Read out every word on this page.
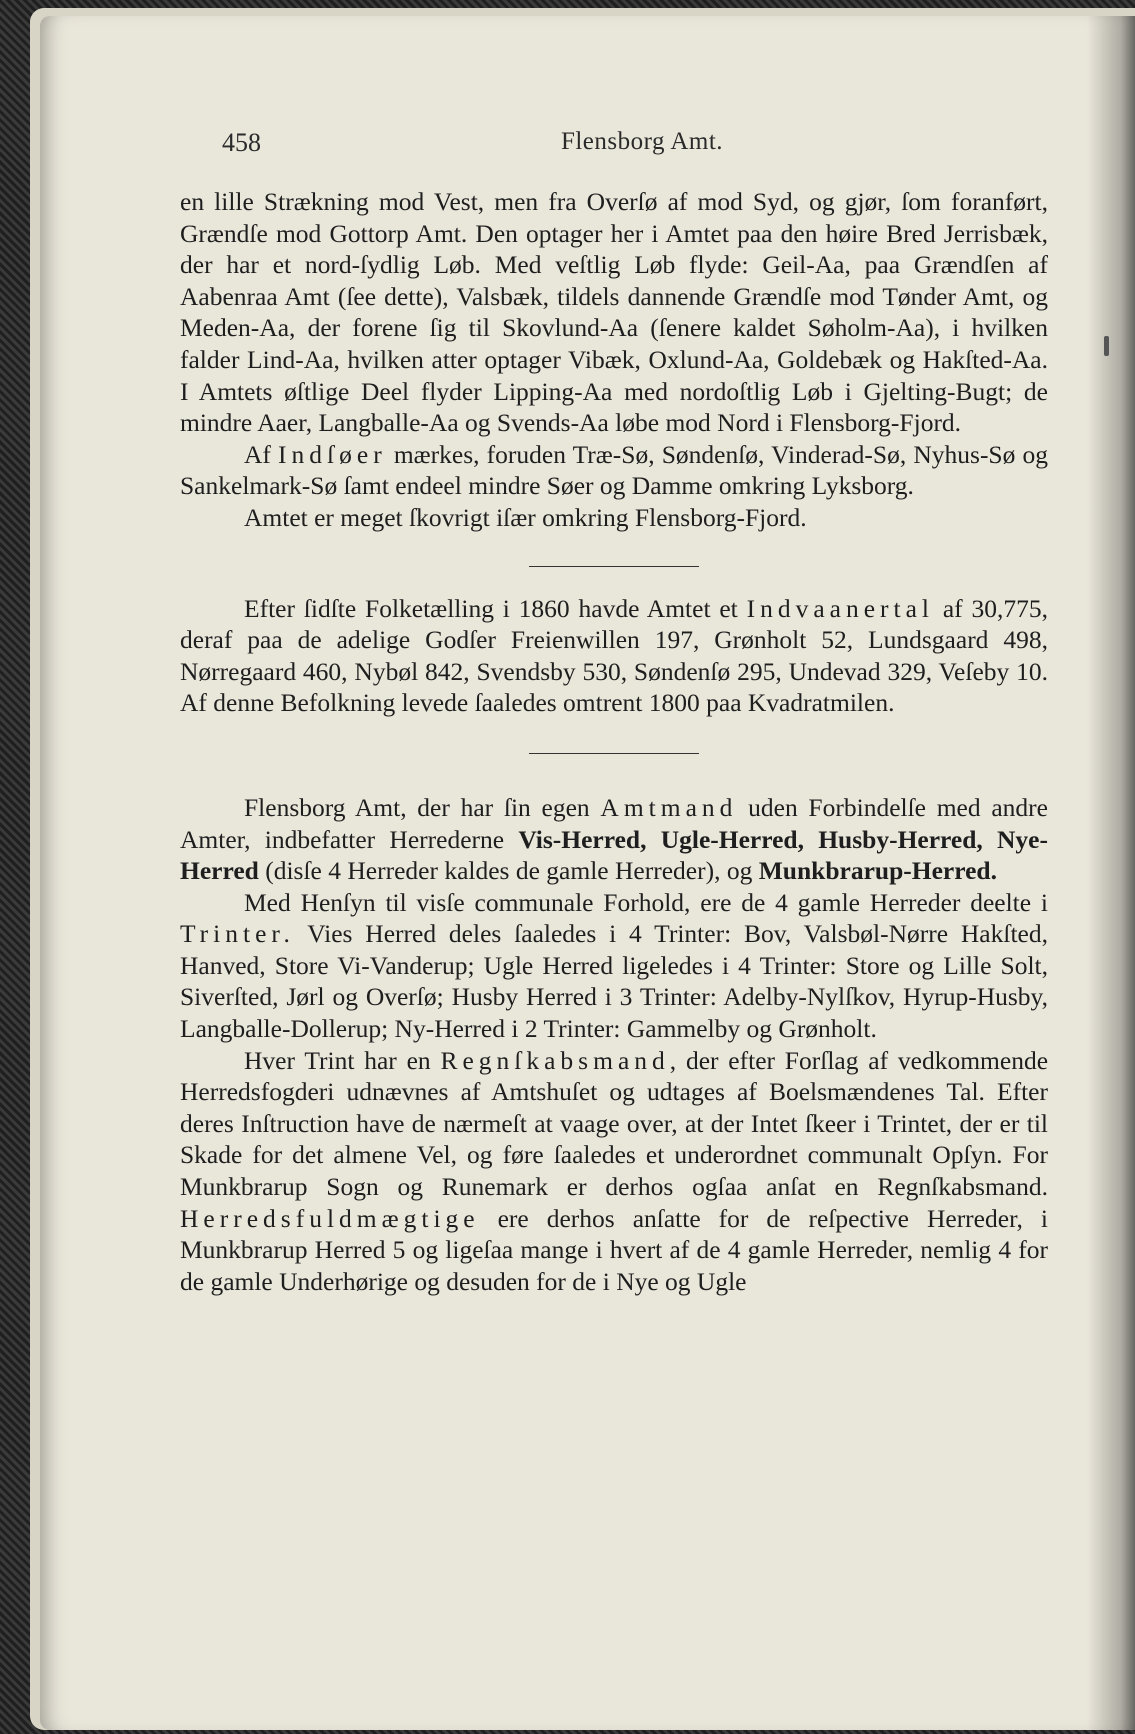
458	Flensborg Amt.

en lille Strækning mod Vest, men fra Overſø af mod Syd, og gjør, ſom foranført, Grændſe mod Gottorp Amt. Den optager her i Amtet paa den høire Bred Jerrisbæk, der har et nord-ſydlig Løb. Med veſtlig Løb flyde: Geil-Aa, paa Grændſen af Aabenraa Amt (ſee dette), Valsbæk, tildels dannende Grændſe mod Tønder Amt, og Meden-Aa, der forene ſig til Skovlund-Aa (ſenere kaldet Søholm-Aa), i hvilken falder Lind-Aa, hvilken atter optager Vibæk, Oxlund-Aa, Goldebæk og Hakſted-Aa. I Amtets øſtlige Deel flyder Lipping-Aa med nordoſtlig Løb i Gjelting-Bugt; de mindre Aaer, Langballe-Aa og Svends-Aa løbe mod Nord i Flensborg-Fjord.

Af Indſøer mærkes, foruden Træ-Sø, Søndenſø, Vinderad-Sø, Nyhus-Sø og Sankelmark-Sø ſamt endeel mindre Søer og Damme omkring Lyksborg.

Amtet er meget ſkovrigt iſær omkring Flensborg-Fjord.

Efter ſidſte Folketælling i 1860 havde Amtet et Indvaanertal af 30,775, deraf paa de adelige Godſer Freienwillen 197, Grønholt 52, Lundsgaard 498, Nørregaard 460, Nybøl 842, Svendsby 530, Søndenſø 295, Undevad 329, Veſeby 10. Af denne Befolkning levede ſaaledes omtrent 1800 paa Kvadratmilen.

Flensborg Amt, der har ſin egen Amtmand uden Forbindelſe med andre Amter, indbefatter Herrederne Vis-Herred, Ugle-Herred, Husby-Herred, Nye-Herred (disſe 4 Herreder kaldes de gamle Herreder), og Munkbrarup-Herred.

Med Henſyn til visſe communale Forhold, ere de 4 gamle Herreder deelte i Trinter. Vies Herred deles ſaaledes i 4 Trinter: Bov, Valsbøl-Nørre Hakſted, Hanved, Store Vi-Vanderup; Ugle Herred ligeledes i 4 Trinter: Store og Lille Solt, Siverſted, Jørl og Overſø; Husby Herred i 3 Trinter: Adelby-Nylſkov, Hyrup-Husby, Langballe-Dollerup; Ny-Herred i 2 Trinter: Gammelby og Grønholt.

Hver Trint har en Regnſkabsmand, der efter Forſlag af vedkommende Herredsfogderi udnævnes af Amtshuſet og udtages af Boelsmændenes Tal. Efter deres Inſtruction have de nærmeſt at vaage over, at der Intet ſkeer i Trintet, der er til Skade for det almene Vel, og føre ſaaledes et underordnet communalt Opſyn. For Munkbrarup Sogn og Runemark er derhos ogſaa anſat en Regnſkabsmand. Herredsfuldmægtige ere derhos anſatte for de reſpective Herreder, i Munkbrarup Herred 5 og ligeſaa mange i hvert af de 4 gamle Herreder, nemlig 4 for de gamle Underhørige og desuden for de i Nye og Ugle
